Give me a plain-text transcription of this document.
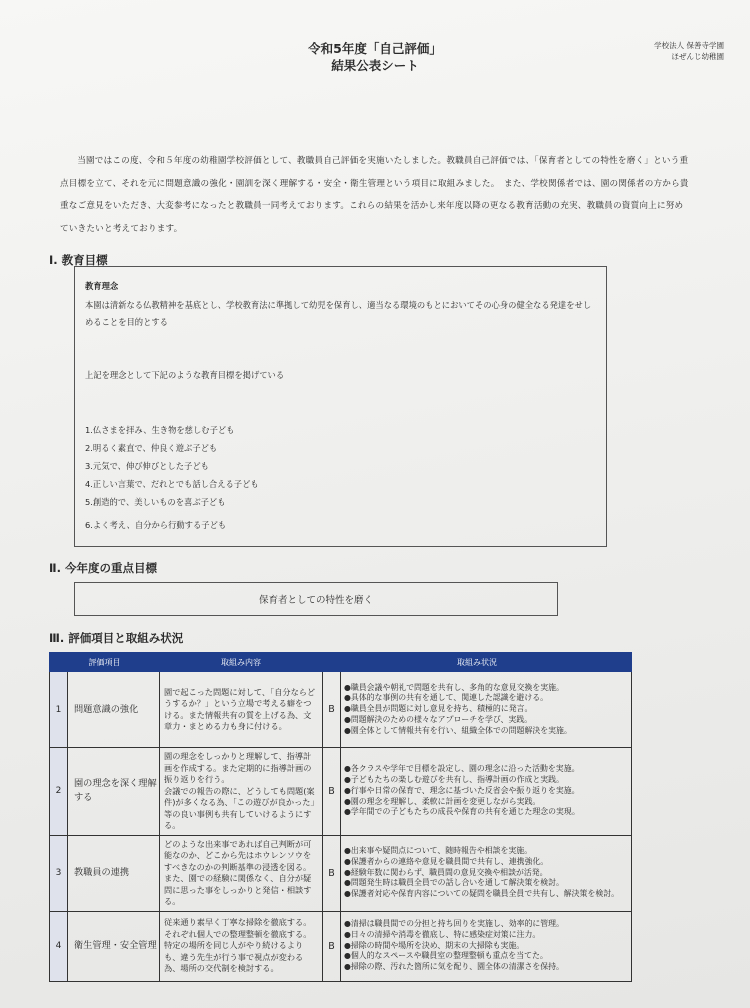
令和5年度「自己評価」
結果公表シート
学校法人 保善寺学園
ほぜんじ幼稚園
当園ではこの度、令和５年度の幼稚園学校評価として、教職員自己評価を実施いたしました。教職員自己評価では、「保育者としての特性を磨く」という重点目標を立て、それを元に問題意識の強化・園訓を深く理解する・安全・衛生管理という項目に取組みました。　また、学校関係者では、園の関係者の方から貴重なご意見をいただき、大変参考になったと教職員一同考えております。これらの結果を活かし来年度以降の更なる教育活動の充実、教職員の資質向上に努めていきたいと考えております。
Ⅰ. 教育目標
教育理念
本園は清新なる仏教精神を基底とし、学校教育法に準拠して幼児を保育し、適当なる環境のもとにおいてその心身の健全なる発達をせしめることを目的とする
上記を理念として下記のような教育目標を掲げている
1.仏さまを拝み、生き物を慈しむ子ども
2.明るく素直で、仲良く遊ぶ子ども
3.元気で、伸び伸びとした子ども
4.正しい言葉で、だれとでも話し合える子ども
5.創造的で、美しいものを喜ぶ子ども
6.よく考え、自分から行動する子ども
Ⅱ. 今年度の重点目標
保育者としての特性を磨く
Ⅲ. 評価項目と取組み状況
評価項目		取組み内容	取組み状況	
1	問題意識の強化	園で起こった問題に対して、「自分ならどうするか？」という立場で考える癖をつける。また情報共有の質を上げる為、文章力・まとめる力も身に付ける。	B	●職員会議や朝礼で問題を共有し、多角的な意見交換を実施。
●具体的な事例の共有を通して、関連した認識を避ける。
●職員全員が問題に対し意見を持ち、積極的に発言。
●問題解決のための様々なアプローチを学び、実践。
●園全体として情報共有を行い、組織全体での問題解決を実施。
2	園の理念を深く理解する	園の理念をしっかりと理解して、指導計画を作成する。また定期的に指導計画の振り返りを行う。
会議での報告の際に、どうしても問題(案件)が多くなる為、「この遊びが良かった」等の良い事例も共有していけるようにする。	B	●各クラスや学年で目標を設定し、園の理念に沿った活動を実施。
●子どもたちの楽しむ遊びを共有し、指導計画の作成と実践。
●行事や日常の保育で、理念に基づいた反省会や振り返りを実施。
●園の理念を理解し、柔軟に計画を変更しながら実践。
●学年間での子どもたちの成長や保育の共有を通じた理念の実現。
3	教職員の連携	どのような出来事であれば自己判断が可能なのか、どこから先はホウレンソウをすべきなのかの判断基準の浸透を図る。また、園での経験に関係なく、自分が疑問に思った事をしっかりと発信・相談する。	B	●出来事や疑問点について、随時報告や相談を実施。
●保護者からの連絡や意見を職員間で共有し、連携強化。
●経験年数に関わらず、職員間の意見交換や相談が活発。
●問題発生時は職員全員での話し合いを通して解決策を検討。
●保護者対応や保育内容についての疑問を職員全員で共有し、解決策を検討。
4	衛生管理・安全管理	従来通り素早く丁寧な掃除を徹底する。それぞれ個人での整理整頓を徹底する。
特定の場所を同じ人がやり続けるよりも、違う先生が行う事で視点が変わる為、場所の交代制を検討する。	B	●清掃は職員間での分担と持ち回りを実施し、効率的に管理。
●日々の清掃や消毒を徹底し、特に感染症対策に注力。
●掃除の時間や場所を決め、期末の大掃除も実施。
●個人的なスペースや職員室の整理整頓も重点を当てた。
●掃除の際、汚れた箇所に気を配り、園全体の清潔さを保持。
